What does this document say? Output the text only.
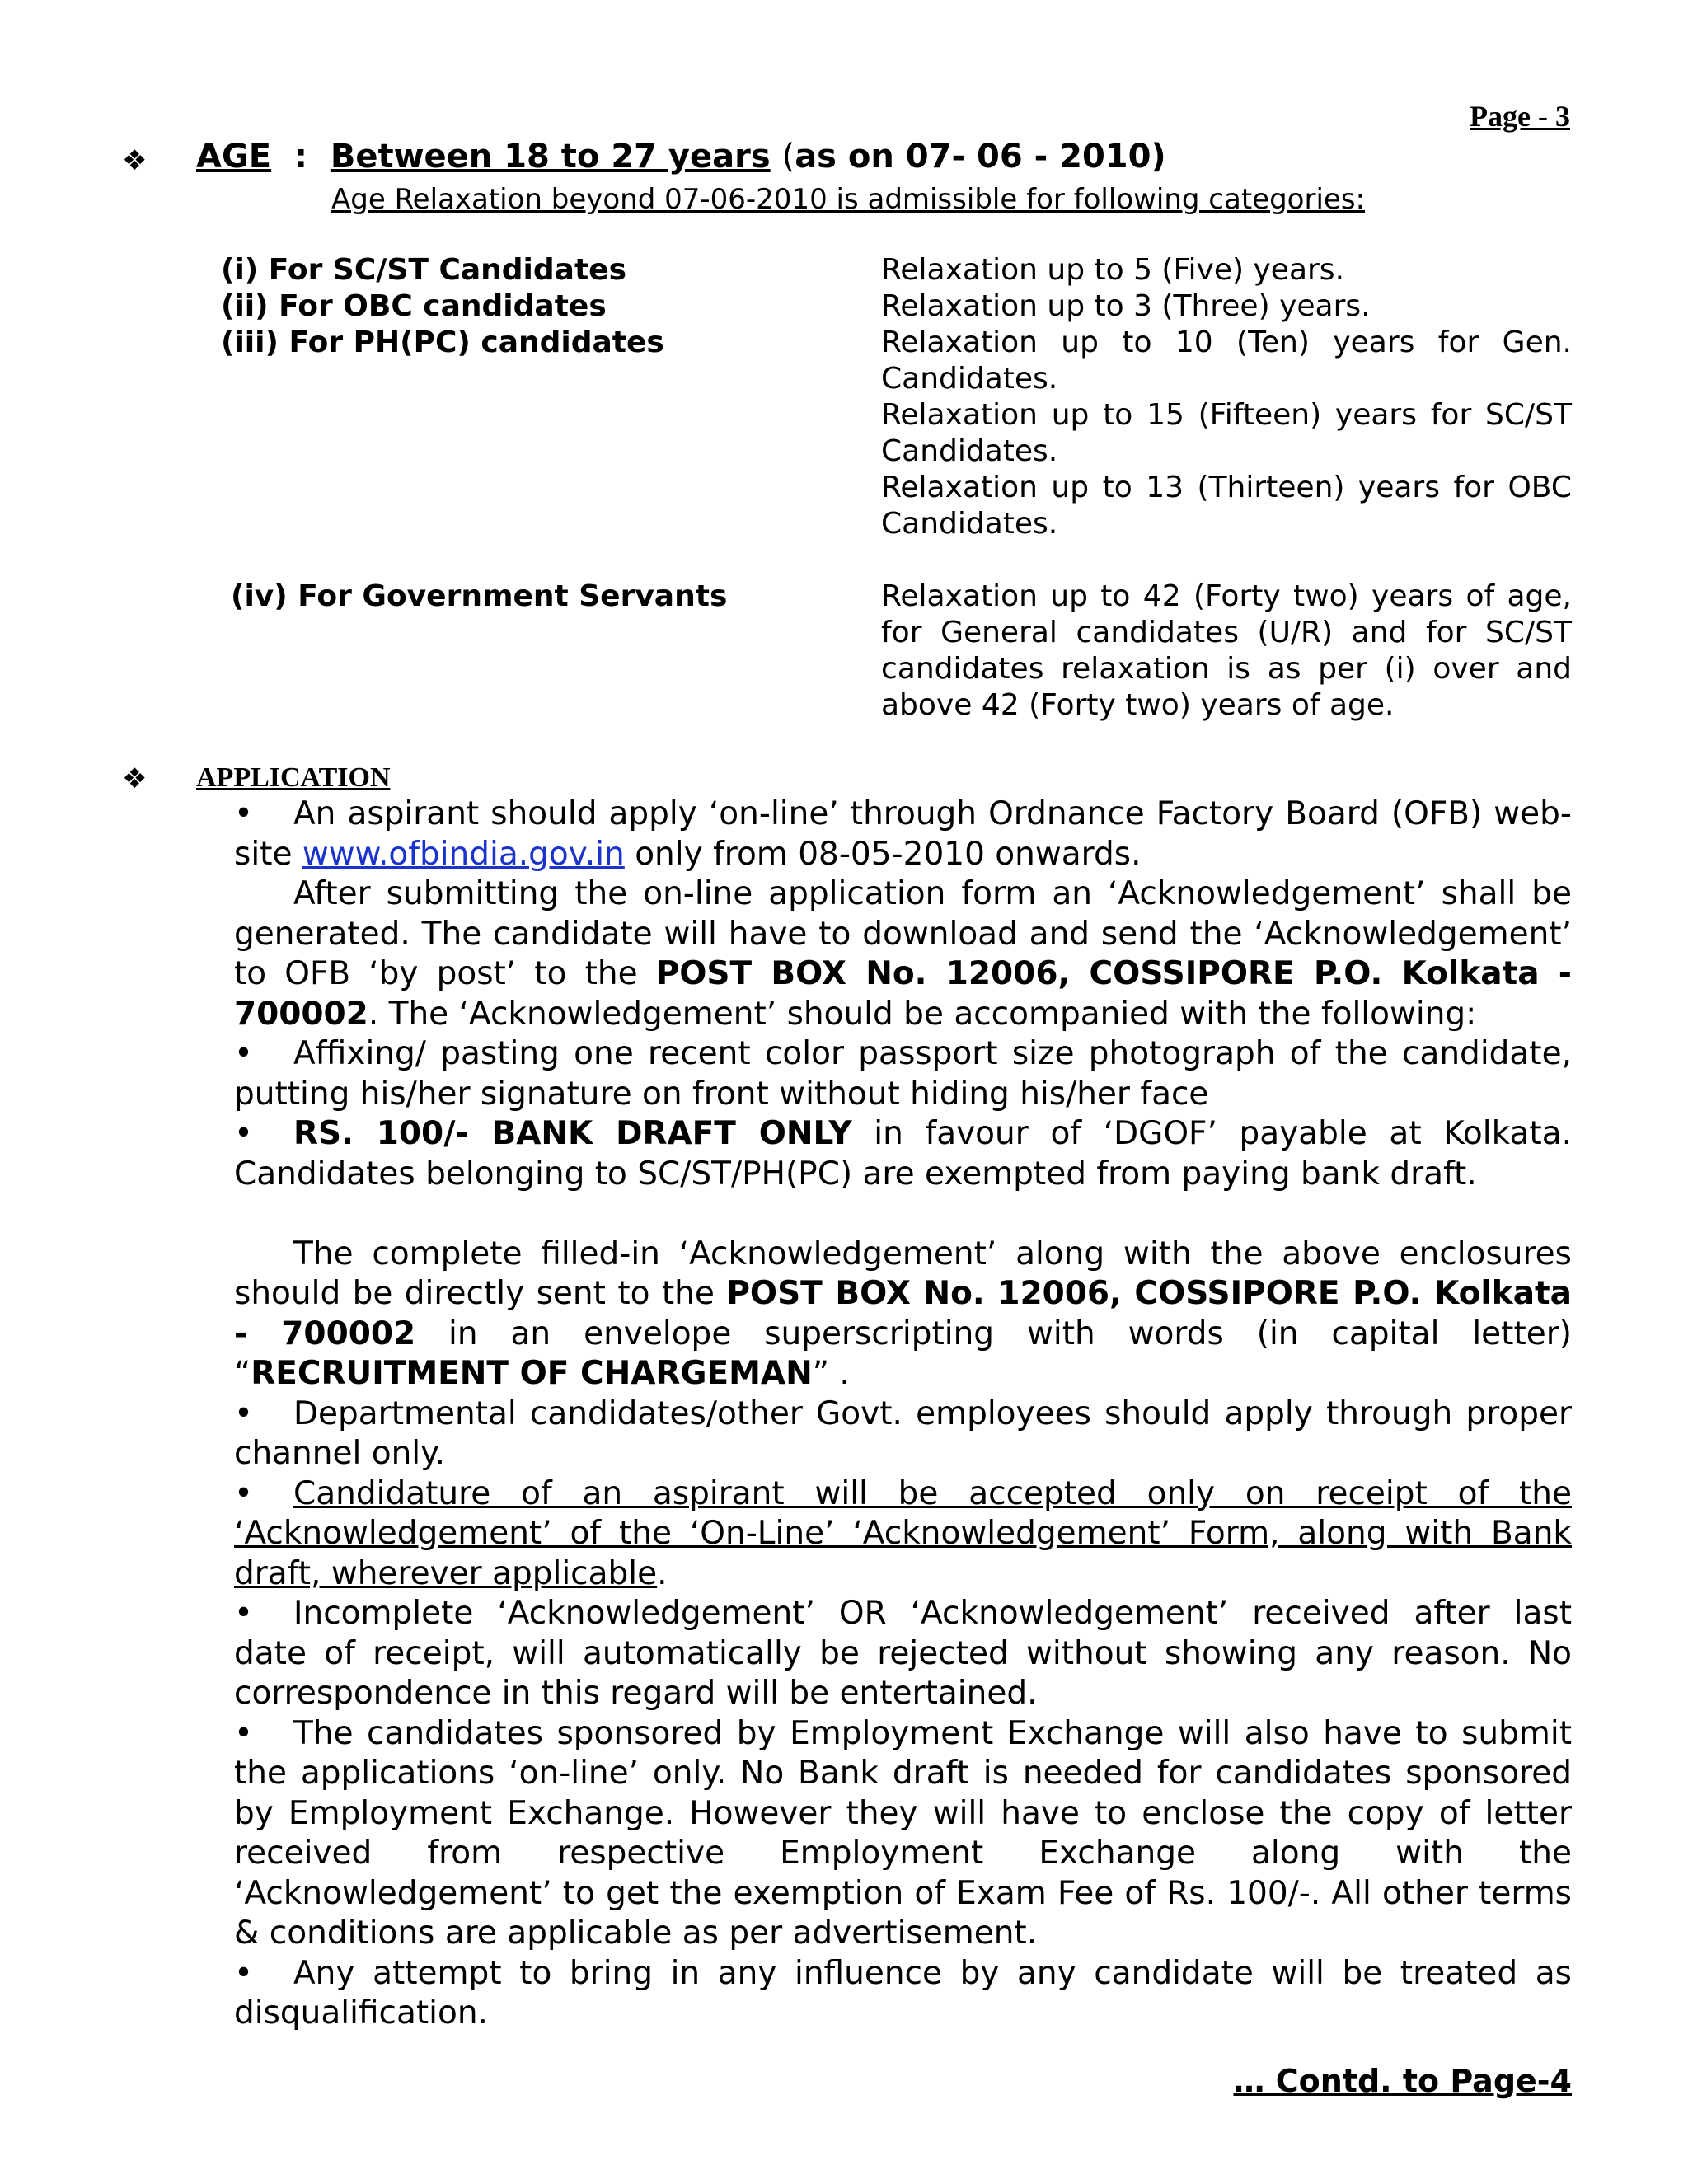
Page - 3
❖ AGE : Between 18 to 27 years (as on 07- 06 - 2010)
Age Relaxation beyond 07-06-2010 is admissible for following categories:
(i) For SC/ST Candidates	Relaxation up to 5 (Five) years.
(ii) For OBC candidates	Relaxation up to 3 (Three) years.
(iii) For PH(PC) candidates	Relaxation up to 10 (Ten) years for Gen. Candidates.
Relaxation up to 15 (Fifteen) years for SC/ST Candidates.
Relaxation up to 13 (Thirteen) years for OBC Candidates.
(iv) For Government Servants	Relaxation up to 42 (Forty two) years of age, for General candidates (U/R) and for SC/ST candidates relaxation is as per (i) over and above 42 (Forty two) years of age.
❖ APPLICATION

• An aspirant should apply ‘on-line’ through Ordnance Factory Board (OFB) web-site www.ofbindia.gov.in only from 08-05-2010 onwards.

After submitting the on-line application form an ‘Acknowledgement’ shall be generated. The candidate will have to download and send the ‘Acknowledgement’ to OFB ‘by post’ to the POST BOX No. 12006, COSSIPORE P.O. Kolkata - 700002. The ‘Acknowledgement’ should be accompanied with the following:

• Affixing/ pasting one recent color passport size photograph of the candidate, putting his/her signature on front without hiding his/her face

• RS. 100/- BANK DRAFT ONLY in favour of ‘DGOF’ payable at Kolkata. Candidates belonging to SC/ST/PH(PC) are exempted from paying bank draft.

The complete filled-in ‘Acknowledgement’ along with the above enclosures should be directly sent to the POST BOX No. 12006, COSSIPORE P.O. Kolkata - 700002 in an envelope superscripting with words (in capital letter) “RECRUITMENT OF CHARGEMAN” .

• Departmental candidates/other Govt. employees should apply through proper channel only.

• Candidature of an aspirant will be accepted only on receipt of the ‘Acknowledgement’ of the ‘On-Line’ ‘Acknowledgement’ Form, along with Bank draft, wherever applicable.

• Incomplete ‘Acknowledgement’ OR ‘Acknowledgement’ received after last date of receipt, will automatically be rejected without showing any reason. No correspondence in this regard will be entertained.

• The candidates sponsored by Employment Exchange will also have to submit the applications ‘on-line’ only. No Bank draft is needed for candidates sponsored by Employment Exchange. However they will have to enclose the copy of letter received from respective Employment Exchange along with the ‘Acknowledgement’ to get the exemption of Exam Fee of Rs. 100/-. All other terms & conditions are applicable as per advertisement.

• Any attempt to bring in any influence by any candidate will be treated as disqualification.

… Contd. to Page-4
